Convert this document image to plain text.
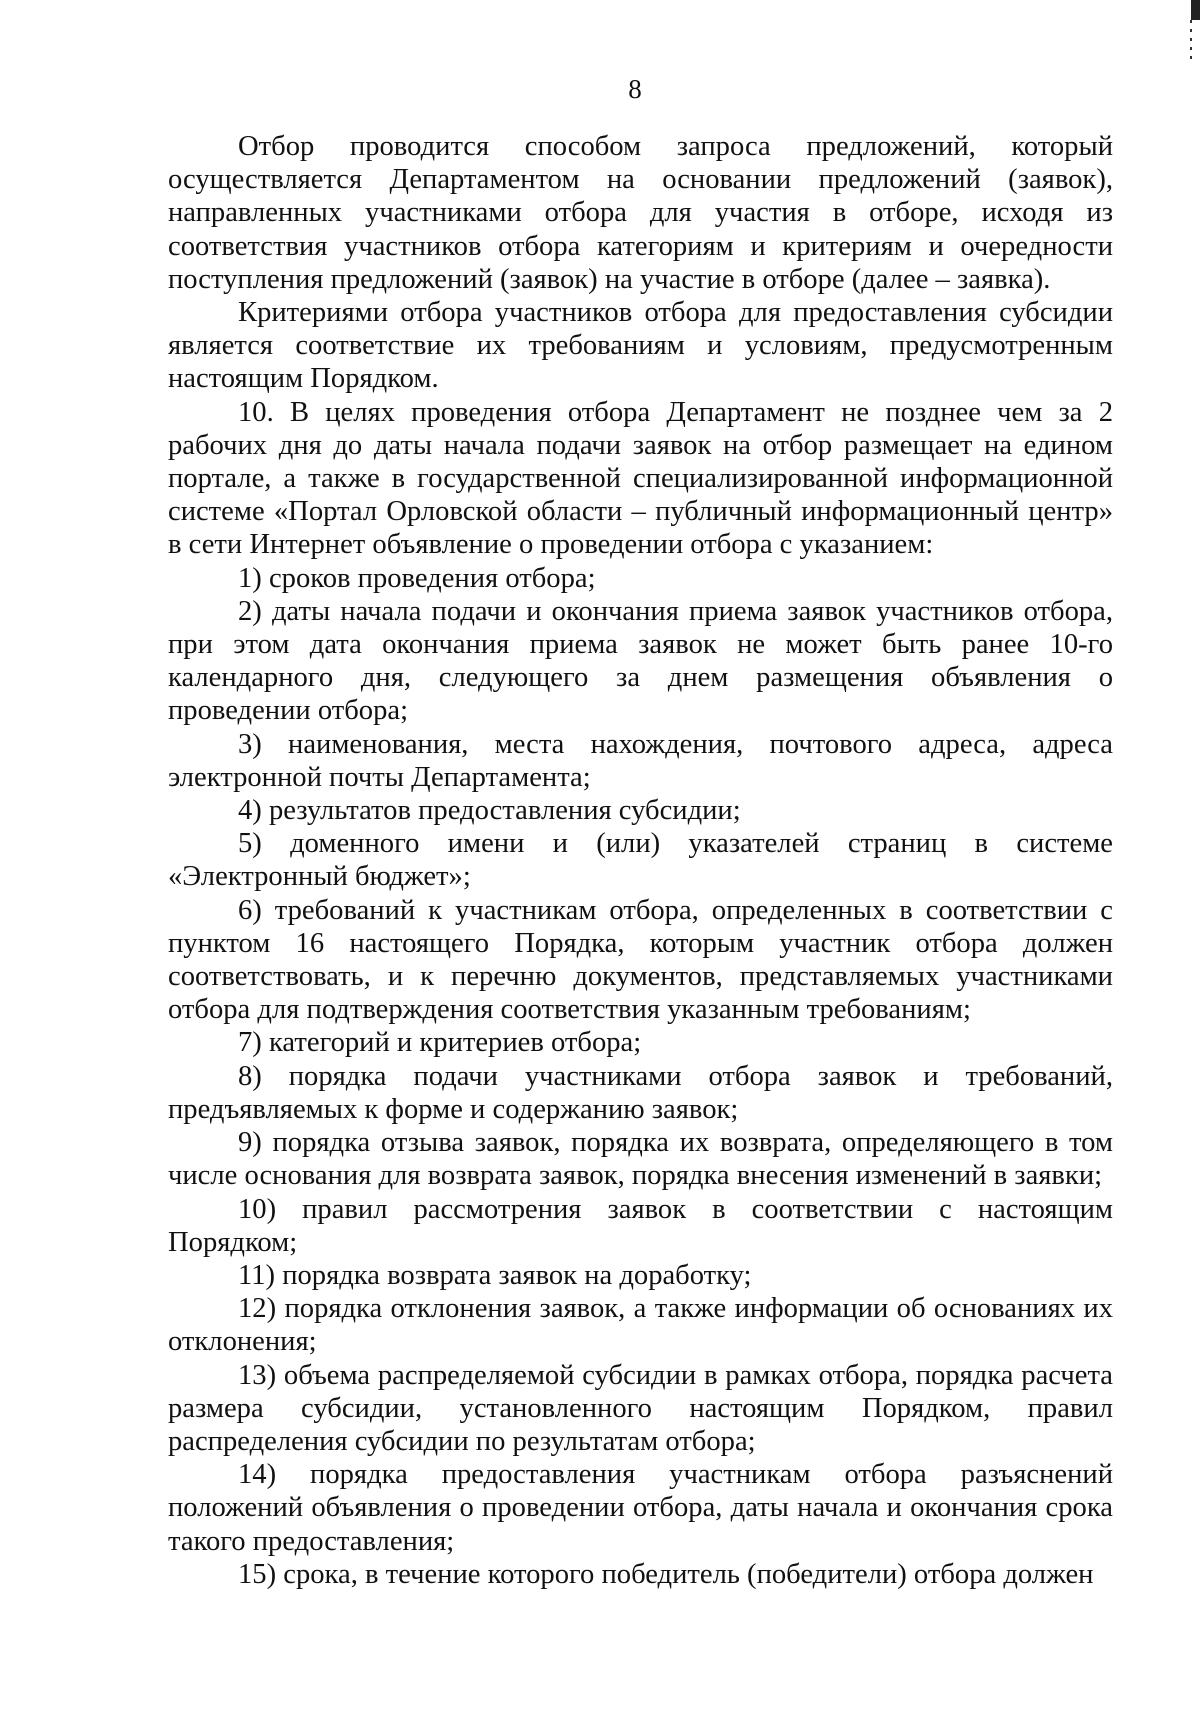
8

Отбор проводится способом запроса предложений, который осуществляется Департаментом на основании предложений (заявок), направленных участниками отбора для участия в отборе, исходя из соответствия участников отбора категориям и критериям и очередности поступления предложений (заявок) на участие в отборе (далее – заявка).

Критериями отбора участников отбора для предоставления субсидии является соответствие их требованиям и условиям, предусмотренным настоящим Порядком.

10. В целях проведения отбора Департамент не позднее чем за 2 рабочих дня до даты начала подачи заявок на отбор размещает на едином портале, а также в государственной специализированной информационной системе «Портал Орловской области – публичный информационный центр» в сети Интернет объявление о проведении отбора с указанием:

1) сроков проведения отбора;

2) даты начала подачи и окончания приема заявок участников отбора, при этом дата окончания приема заявок не может быть ранее 10-го календарного дня, следующего за днем размещения объявления о проведении отбора;

3) наименования, места нахождения, почтового адреса, адреса электронной почты Департамента;

4) результатов предоставления субсидии;

5) доменного имени и (или) указателей страниц в системе «Электронный бюджет»;

6) требований к участникам отбора, определенных в соответствии с пунктом 16 настоящего Порядка, которым участник отбора должен соответствовать, и к перечню документов, представляемых участниками отбора для подтверждения соответствия указанным требованиям;

7) категорий и критериев отбора;

8) порядка подачи участниками отбора заявок и требований, предъявляемых к форме и содержанию заявок;

9) порядка отзыва заявок, порядка их возврата, определяющего в том числе основания для возврата заявок, порядка внесения изменений в заявки;

10) правил рассмотрения заявок в соответствии с настоящим Порядком;

11) порядка возврата заявок на доработку;

12) порядка отклонения заявок, а также информации об основаниях их отклонения;

13) объема распределяемой субсидии в рамках отбора, порядка расчета размера субсидии, установленного настоящим Порядком, правил распределения субсидии по результатам отбора;

14) порядка предоставления участникам отбора разъяснений положений объявления о проведении отбора, даты начала и окончания срока такого предоставления;

15) срока, в течение которого победитель (победители) отбора должен
